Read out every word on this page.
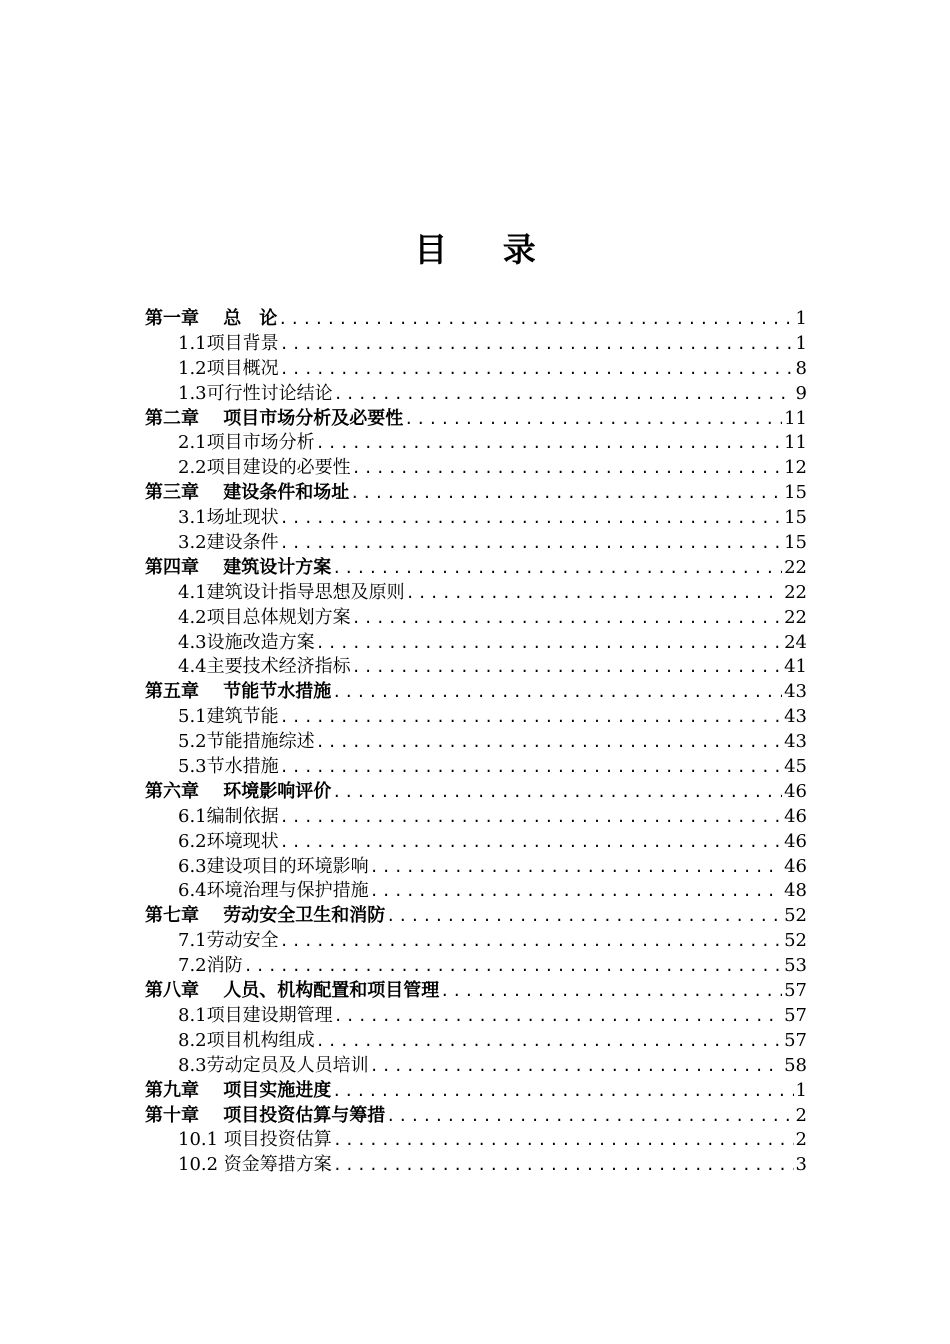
目 录
第一章　 总　论 .....	1
1.1项目背景 .....	1
1.2项目概况 .....	8
1.3可行性讨论结论 .....	9
第二章　 项目市场分析及必要性 .....	11
2.1项目市场分析 .....	11
2.2项目建设的必要性 .....	12
第三章　 建设条件和场址 .....	15
3.1场址现状 .....	15
3.2建设条件 .....	15
第四章　 建筑设计方案 .....	22
4.1建筑设计指导思想及原则 .....	22
4.2项目总体规划方案 .....	22
4.3设施改造方案 .....	24
4.4主要技术经济指标 .....	41
第五章　 节能节水措施 .....	43
5.1建筑节能 .....	43
5.2节能措施综述 .....	43
5.3节水措施 .....	45
第六章　 环境影响评价 .....	46
6.1编制依据 .....	46
6.2环境现状 .....	46
6.3建设项目的环境影响 .....	46
6.4环境治理与保护措施 .....	48
第七章　 劳动安全卫生和消防 .....	52
7.1劳动安全 .....	52
7.2消防 .....	53
第八章　 人员、机构配置和项目管理 .....	57
8.1项目建设期管理 .....	57
8.2项目机构组成 .....	57
8.3劳动定员及人员培训 .....	58
第九章　 项目实施进度 .....	1
第十章　 项目投资估算与筹措 .....	2
10.1 项目投资估算 .....	2
10.2 资金筹措方案 .....	3
